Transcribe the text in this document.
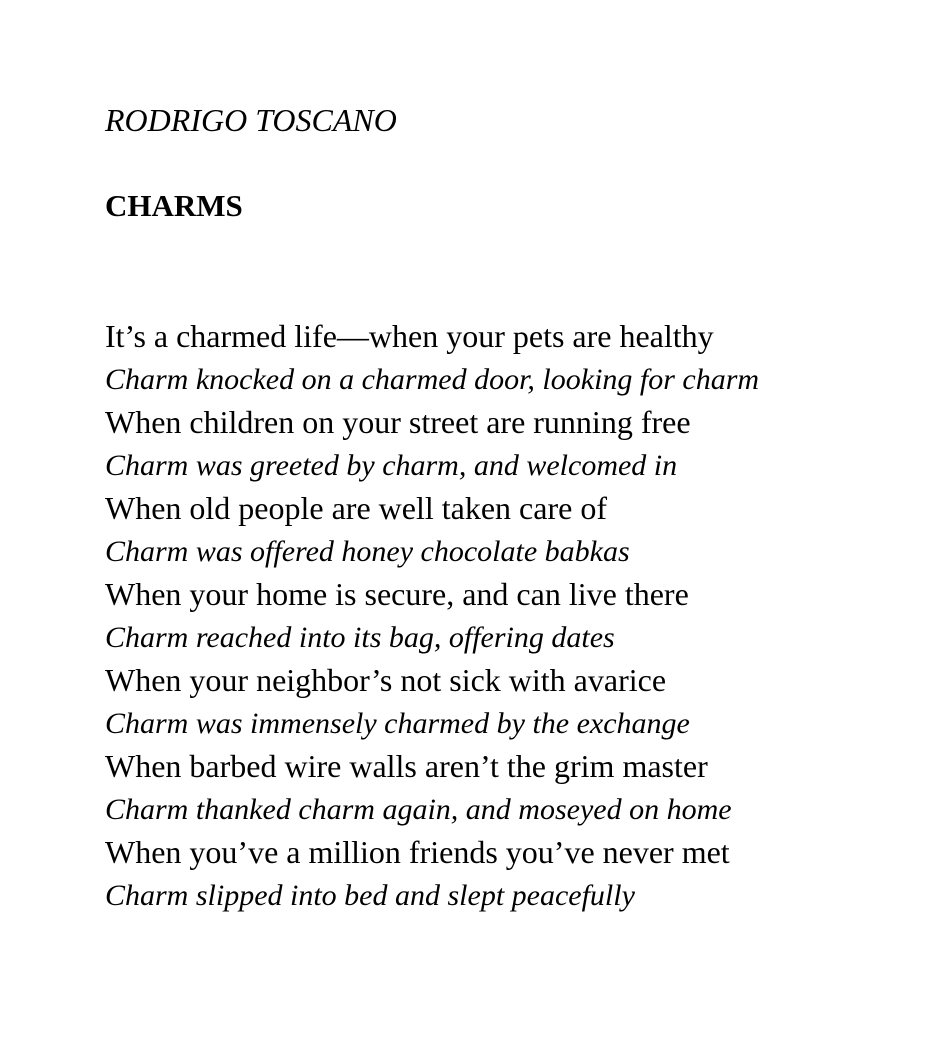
RODRIGO TOSCANO
CHARMS
It’s a charmed life—when your pets are healthy
Charm knocked on a charmed door, looking for charm
When children on your street are running free
Charm was greeted by charm, and welcomed in
When old people are well taken care of
Charm was offered honey chocolate babkas
When your home is secure, and can live there
Charm reached into its bag, offering dates
When your neighbor’s not sick with avarice
Charm was immensely charmed by the exchange
When barbed wire walls aren’t the grim master
Charm thanked charm again, and moseyed on home
When you’ve a million friends you’ve never met
Charm slipped into bed and slept peacefully
